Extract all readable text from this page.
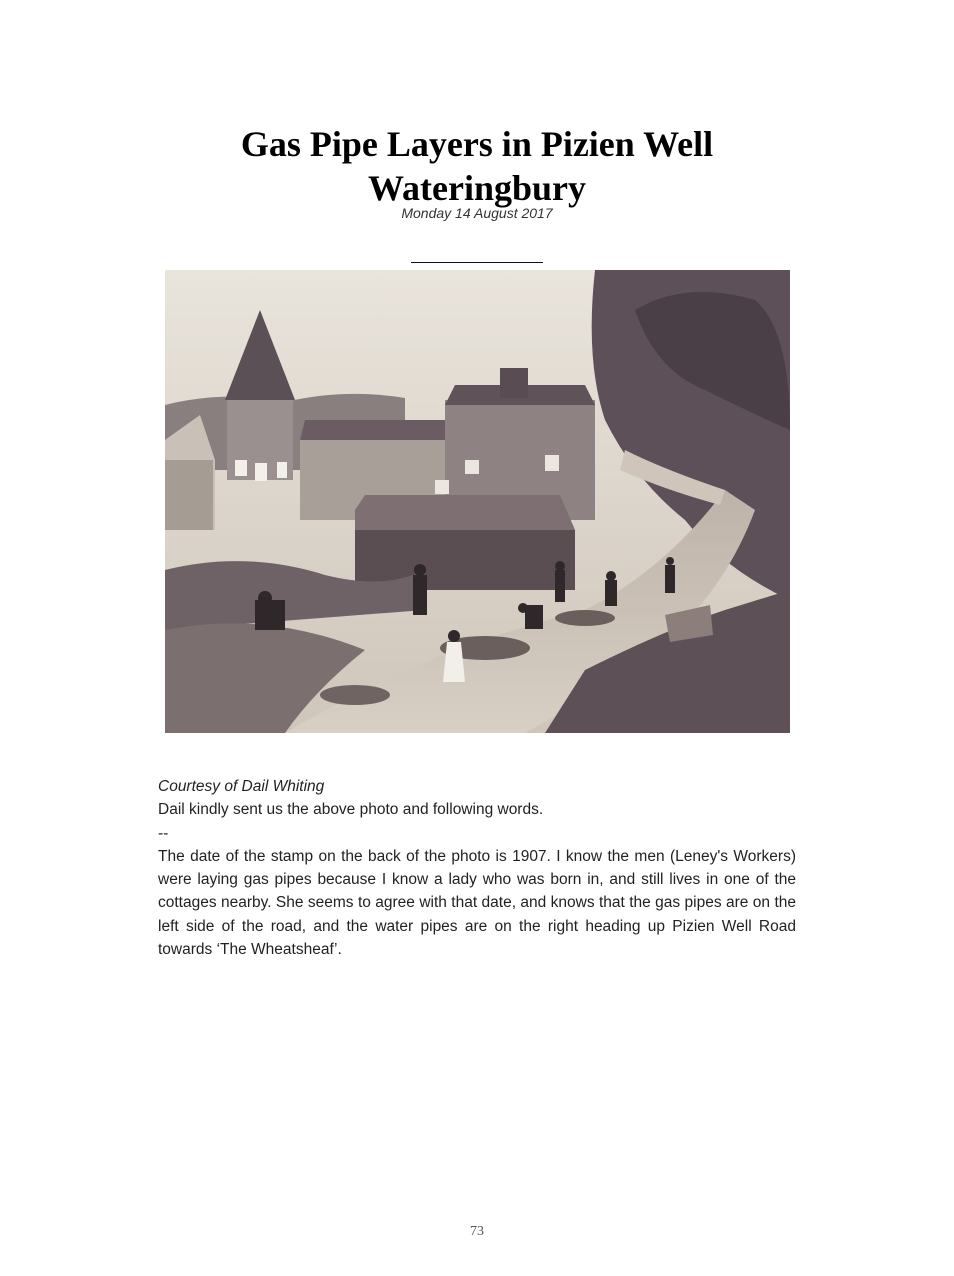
Gas Pipe Layers in Pizien Well
Wateringbury
Monday 14 August 2017
Courtesy of Dail Whiting
Dail kindly sent us the above photo and following words.
--
The date of the stamp on the back of the photo is 1907. I know the men (Leney's Workers) were laying gas pipes because I know a lady who was born in, and still lives in one of the cottages nearby. She seems to agree with that date, and knows that the gas pipes are on the left side of the road, and the water pipes are on the right heading up Pizien Well Road towards ‘The Wheatsheaf’.
73
